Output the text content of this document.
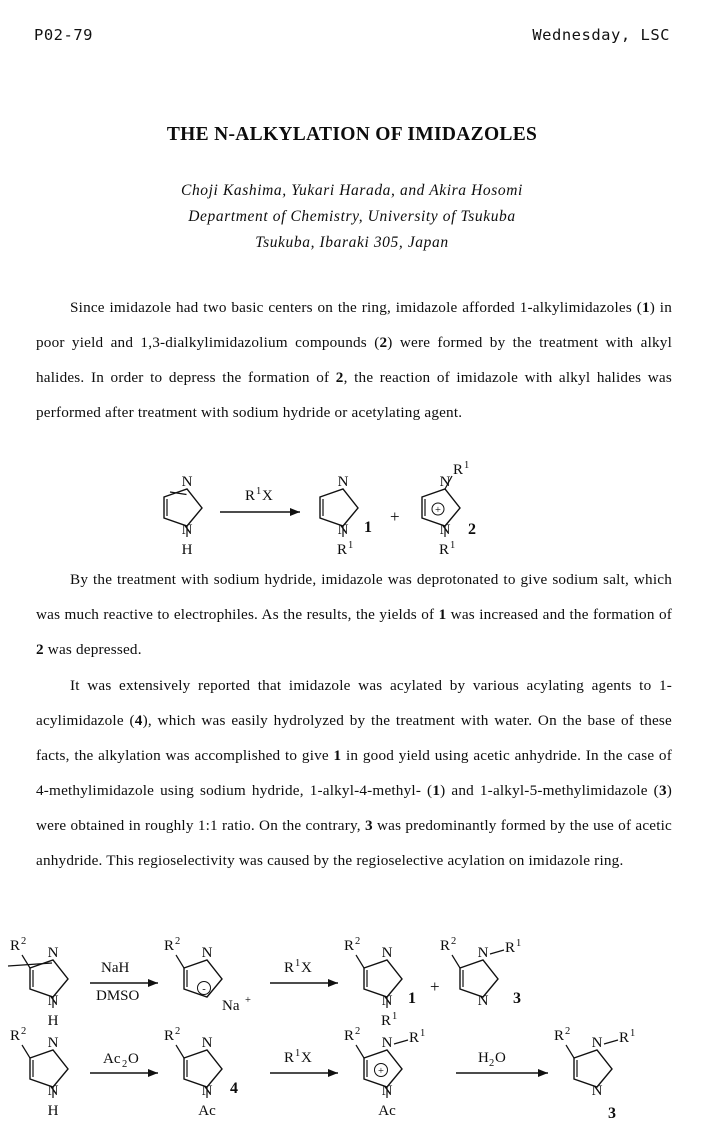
P02-79	Wednesday, LSC
THE N-ALKYLATION OF IMIDAZOLES
Choji Kashima, Yukari Harada, and Akira Hosomi
Department of Chemistry, University of Tsukuba
Tsukuba, Ibaraki 305, Japan

Since imidazole had two basic centers on the ring, imidazole afforded 1-alkylimidazoles (1) in poor yield and 1,3-dialkylimidazolium compounds (2) were formed by the treatment with alkyl halides. In order to depress the formation of 2, the reaction of imidazole with alkyl halides was performed after treatment with sodium hydride or acetylating agent.

N
N
H
R 1 X
N
N
R 1
1
+
N
R 1
N
+
R 1
2

By the treatment with sodium hydride, imidazole was deprotonated to give sodium salt, which was much reactive to electrophiles. As the results, the yields of 1 was increased and the formation of 2 was depressed.

It was extensively reported that imidazole was acylated by various acylating agents to 1-acylimidazole (4), which was easily hydrolyzed by the treatment with water. On the base of these facts, the alkylation was accomplished to give 1 in good yield using acetic anhydride. In the case of 4-methylimidazole using sodium hydride, 1-alkyl-4-methyl- (1) and 1-alkyl-5-methylimidazole (3) were obtained in roughly 1:1 ratio. On the contrary, 3 was predominantly formed by the use of acetic anhydride. This regioselectivity was caused by the regioselective acylation on imidazole ring.

R 2
N
N
H
NaH
DMSO
R 2
N
-
Na +
R 1 X
R 2
N
N
R 1
1
+
R 2
N R 1
N 3
R 2
N
N
H
Ac 2 O
R 2
N
N
Ac
4
R 1 X
R 2
N R 1
+
N
Ac
H 2 O
R 2
N R 1
N
3
